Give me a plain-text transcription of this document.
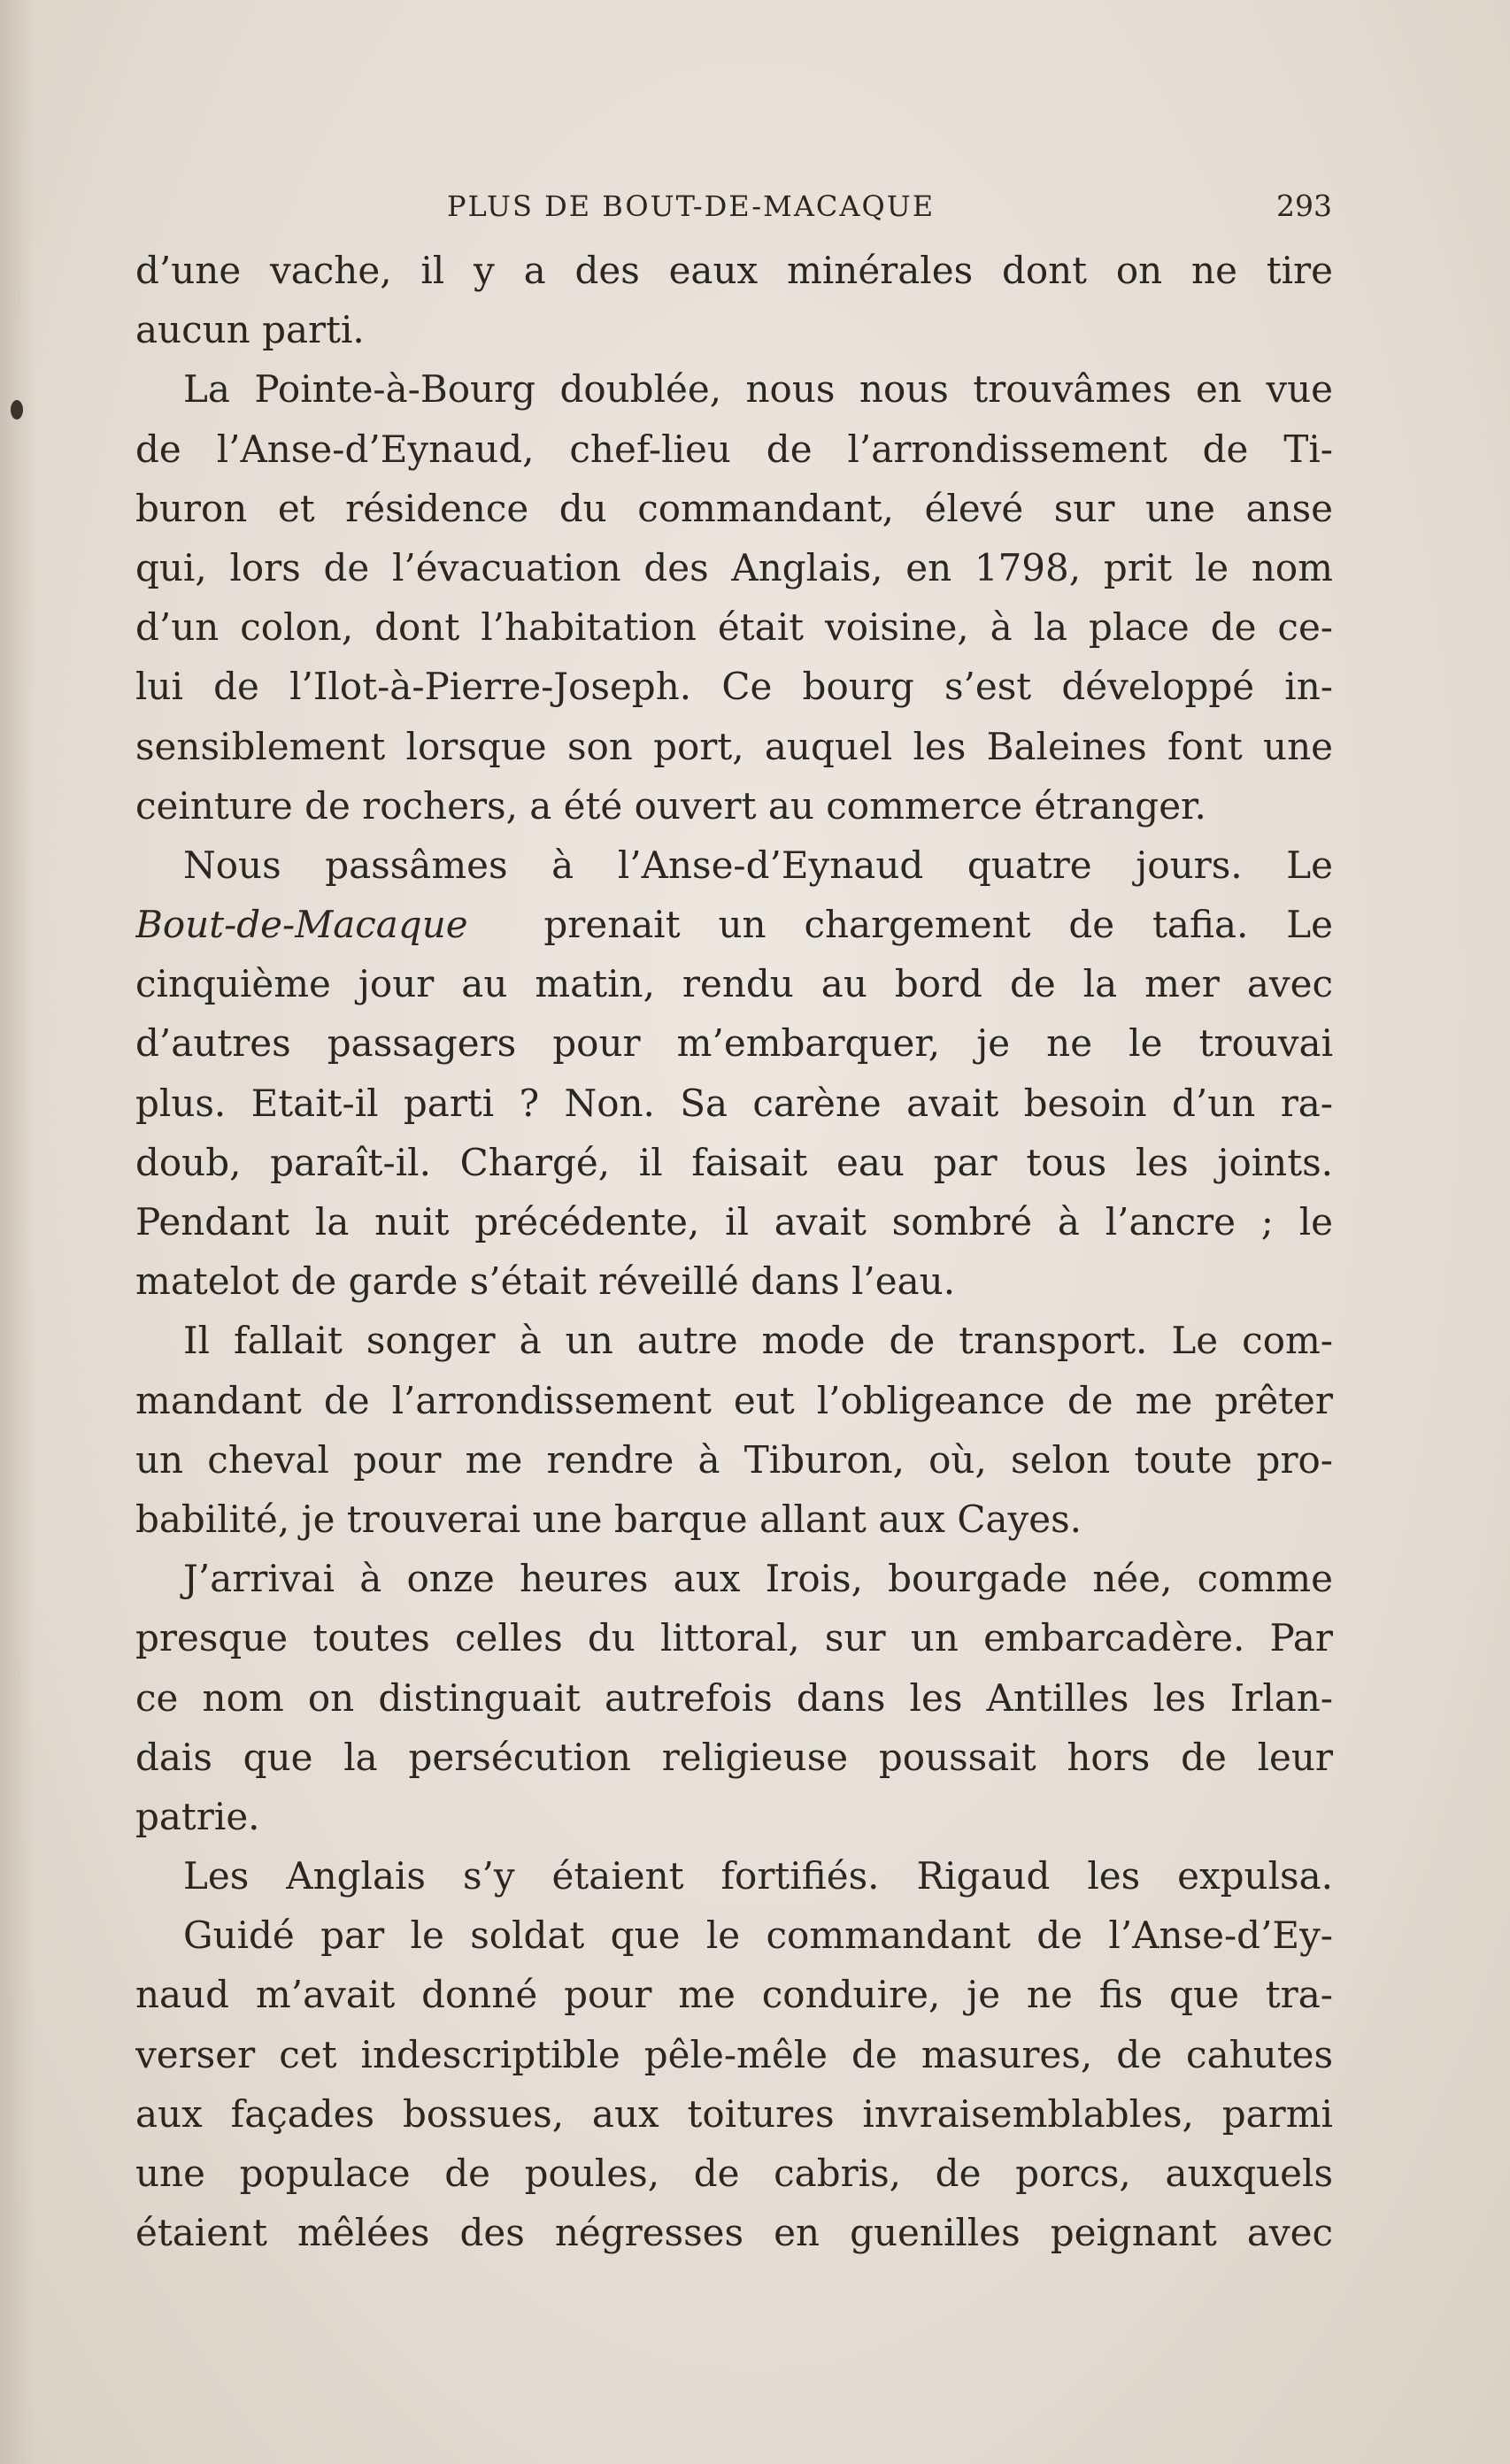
PLUS DE BOUT-DE-MACAQUE	293
d’une vache, il y a des eaux minérales dont on ne tire
aucun parti.
La Pointe-à-Bourg doublée, nous nous trouvâmes en vue
de l’Anse-d’Eynaud, chef-lieu de l’arrondissement de Ti-
buron et résidence du commandant, élevé sur une anse
qui, lors de l’évacuation des Anglais, en 1798, prit le nom
d’un colon, dont l’habitation était voisine, à la place de ce-
lui de l’Ilot-à-Pierre-Joseph. Ce bourg s’est développé in-
sensiblement lorsque son port, auquel les Baleines font une
ceinture de rochers, a été ouvert au commerce étranger.
Nous passâmes à l’Anse-d’Eynaud quatre jours. Le
Bout-de-Macaque prenait un chargement de tafia. Le
cinquième jour au matin, rendu au bord de la mer avec
d’autres passagers pour m’embarquer, je ne le trouvai
plus. Etait-il parti ? Non. Sa carène avait besoin d’un ra-
doub, paraît-il. Chargé, il faisait eau par tous les joints.
Pendant la nuit précédente, il avait sombré à l’ancre ; le
matelot de garde s’était réveillé dans l’eau.
Il fallait songer à un autre mode de transport. Le com-
mandant de l’arrondissement eut l’obligeance de me prêter
un cheval pour me rendre à Tiburon, où, selon toute pro-
babilité, je trouverai une barque allant aux Cayes.
J’arrivai à onze heures aux Irois, bourgade née, comme
presque toutes celles du littoral, sur un embarcadère. Par
ce nom on distinguait autrefois dans les Antilles les Irlan-
dais que la persécution religieuse poussait hors de leur
patrie.
Les Anglais s’y étaient fortifiés. Rigaud les expulsa.
Guidé par le soldat que le commandant de l’Anse-d’Ey-
naud m’avait donné pour me conduire, je ne fis que tra-
verser cet indescriptible pêle-mêle de masures, de cahutes
aux façades bossues, aux toitures invraisemblables, parmi
une populace de poules, de cabris, de porcs, auxquels
étaient mêlées des négresses en guenilles peignant avec
